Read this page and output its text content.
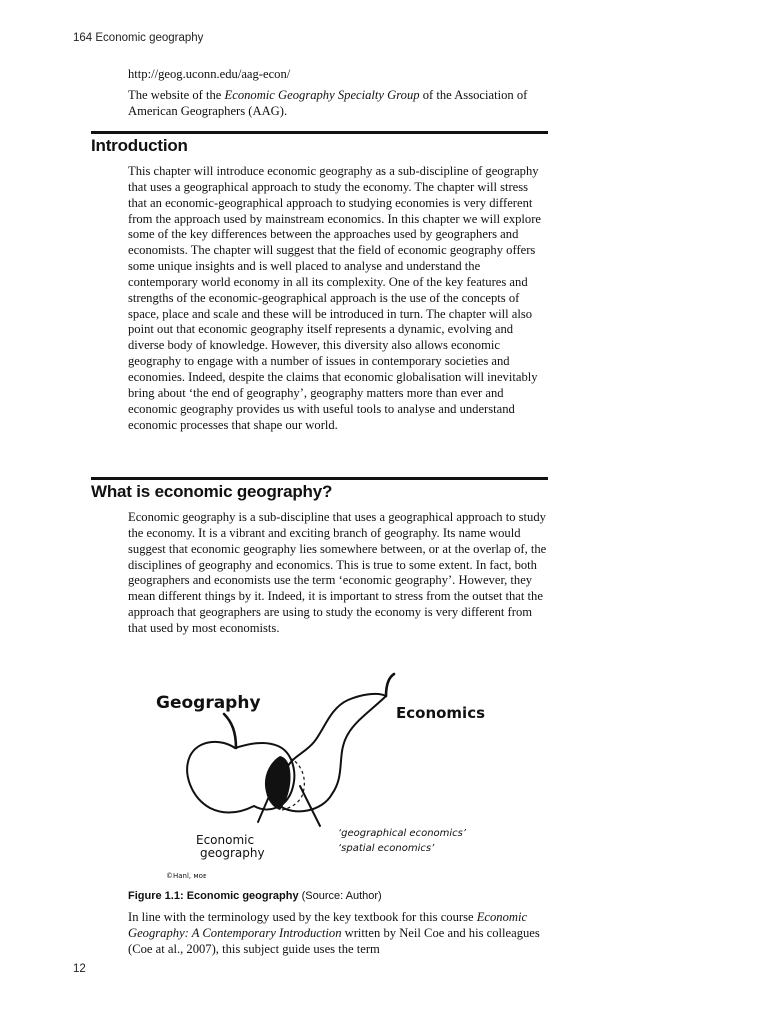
164 Economic geography

http://geog.uconn.edu/aag-econ/

The website of the Economic Geography Specialty Group of the Association of American Geographers (AAG).

Introduction

This chapter will introduce economic geography as a sub-discipline of geography that uses a geographical approach to study the economy. The chapter will stress that an economic-geographical approach to studying economies is very different from the approach used by mainstream economics. In this chapter we will explore some of the key differences between the approaches used by geographers and economists. The chapter will suggest that the field of economic geography offers some unique insights and is well placed to analyse and understand the contemporary world economy in all its complexity. One of the key features and strengths of the economic-geographical approach is the use of the concepts of space, place and scale and these will be introduced in turn. The chapter will also point out that economic geography itself represents a dynamic, evolving and diverse body of knowledge. However, this diversity also allows economic geography to engage with a number of issues in contemporary societies and economies. Indeed, despite the claims that economic globalisation will inevitably bring about ‘the end of geography’, geography matters more than ever and economic geography provides us with useful tools to analyse and understand economic processes that shape our world.

What is economic geography?

Economic geography is a sub-discipline that uses a geographical approach to study the economy. It is a vibrant and exciting branch of geography. Its name would suggest that economic geography lies somewhere between, or at the overlap of, the disciplines of geography and economics. This is true to some extent. In fact, both geographers and economists use the term ‘economic geography’. However, they mean different things by it. Indeed, it is important to stress from the outset that the approach that geographers are using to study the economy is very different from that used by most economists.

Geography	Economics
Economic
geography
‘geographical economics’
‘spatial economics’
©Hanl, ᴍᴏᴇ
Figure 1.1: Economic geography (Source: Author)

In line with the terminology used by the key textbook for this course Economic Geography: A Contemporary Introduction written by Neil Coe and his colleagues (Coe at al., 2007), this subject guide uses the term

12
